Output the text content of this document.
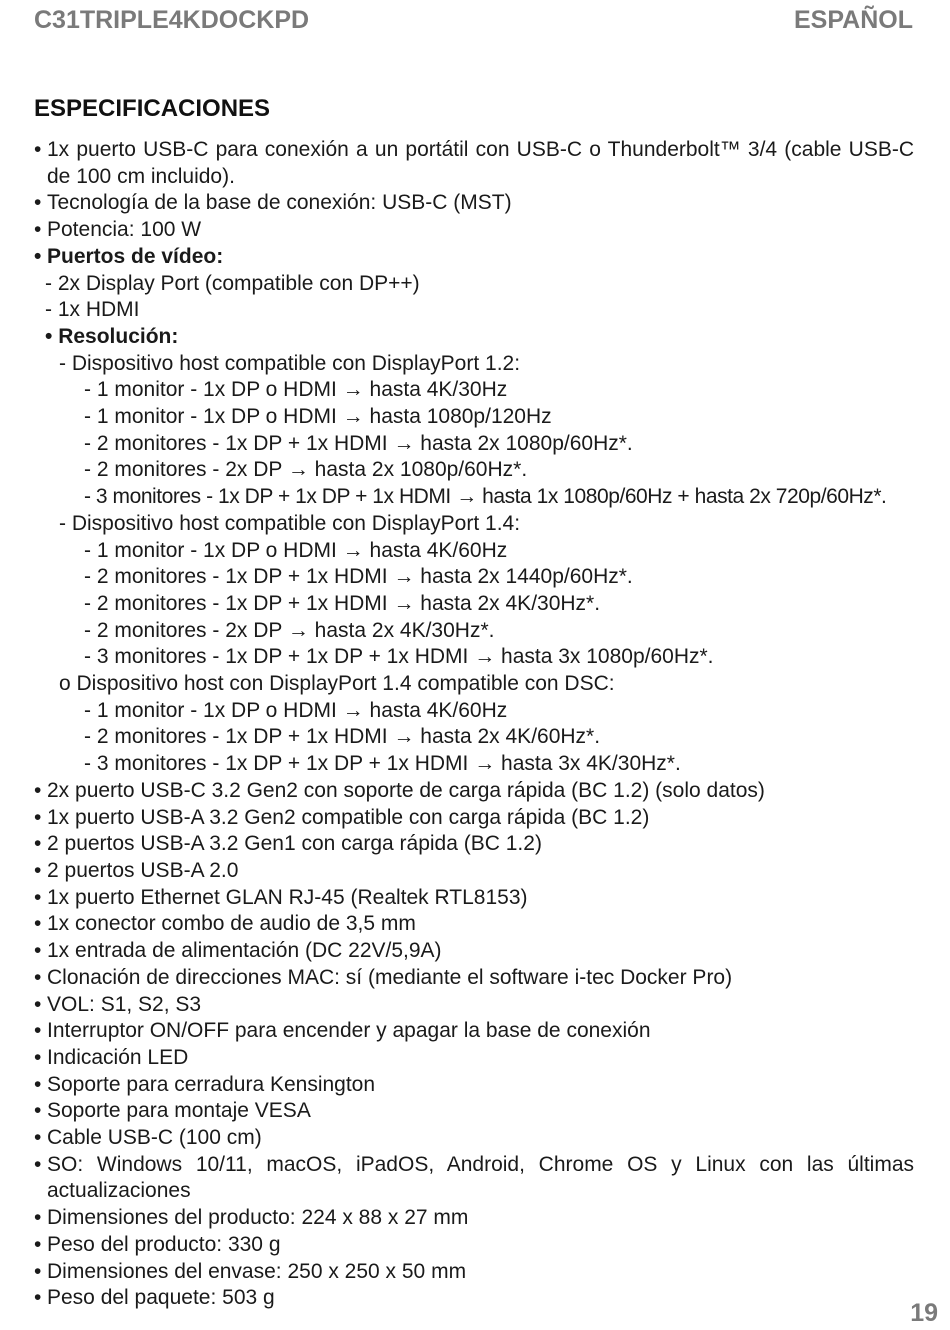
C31TRIPLE4KDOCKPD	ESPAÑOL
ESPECIFICACIONES
• 1x puerto USB-C para conexión a un portátil con USB-C o Thunderbolt™ 3/4 (cable USB-C de 100 cm incluido).
• Tecnología de la base de conexión: USB-C (MST)
• Potencia: 100 W
• Puertos de vídeo:
- 2x Display Port (compatible con DP++)
- 1x HDMI
• Resolución:
- Dispositivo host compatible con DisplayPort 1.2:
- 1 monitor - 1x DP o HDMI → hasta 4K/30Hz
- 1 monitor - 1x DP o HDMI → hasta 1080p/120Hz
- 2 monitores - 1x DP + 1x HDMI → hasta 2x 1080p/60Hz*.
- 2 monitores - 2x DP → hasta 2x 1080p/60Hz*.
- 3 monitores - 1x DP + 1x DP + 1x HDMI → hasta 1x 1080p/60Hz + hasta 2x 720p/60Hz*.
- Dispositivo host compatible con DisplayPort 1.4:
- 1 monitor - 1x DP o HDMI → hasta 4K/60Hz
- 2 monitores - 1x DP + 1x HDMI → hasta 2x 1440p/60Hz*.
- 2 monitores - 1x DP + 1x HDMI → hasta 2x 4K/30Hz*.
- 2 monitores - 2x DP → hasta 2x 4K/30Hz*.
- 3 monitores - 1x DP + 1x DP + 1x HDMI → hasta 3x 1080p/60Hz*.
o Dispositivo host con DisplayPort 1.4 compatible con DSC:
- 1 monitor - 1x DP o HDMI → hasta 4K/60Hz
- 2 monitores - 1x DP + 1x HDMI → hasta 2x 4K/60Hz*.
- 3 monitores - 1x DP + 1x DP + 1x HDMI → hasta 3x 4K/30Hz*.
• 2x puerto USB-C 3.2 Gen2 con soporte de carga rápida (BC 1.2) (solo datos)
• 1x puerto USB-A 3.2 Gen2 compatible con carga rápida (BC 1.2)
• 2 puertos USB-A 3.2 Gen1 con carga rápida (BC 1.2)
• 2 puertos USB-A 2.0
• 1x puerto Ethernet GLAN RJ-45 (Realtek RTL8153)
• 1x conector combo de audio de 3,5 mm
• 1x entrada de alimentación (DC 22V/5,9A)
• Clonación de direcciones MAC: sí (mediante el software i-tec Docker Pro)
• VOL: S1, S2, S3
• Interruptor ON/OFF para encender y apagar la base de conexión
• Indicación LED
• Soporte para cerradura Kensington
• Soporte para montaje VESA
• Cable USB-C (100 cm)
• SO: Windows 10/11, macOS, iPadOS, Android, Chrome OS y Linux con las últimas actualizaciones
• Dimensiones del producto: 224 x 88 x 27 mm
• Peso del producto: 330 g
• Dimensiones del envase: 250 x 250 x 50 mm
• Peso del paquete: 503 g
19
